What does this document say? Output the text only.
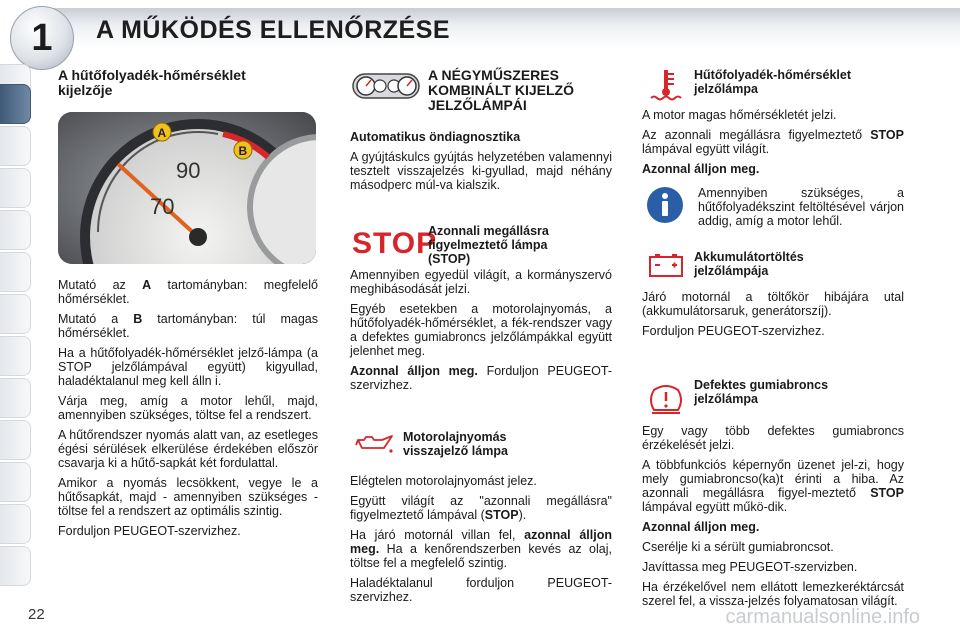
1	A MŰKÖDÉS ELLENŐRZÉSE
A hűtőfolyadék-hőmérséklet
kijelzője
90
70
A
B

Mutató az A tartományban: megfelelő hőmérséklet.

Mutató a B tartományban: túl magas hőmérséklet.

Ha a hűtőfolyadék-hőmérséklet jelző-lámpa (a STOP jelzőlámpával együtt) kigyullad, haladéktalanul meg kell álln i.

Várja meg, amíg a motor lehűl, majd, amennyiben szükséges, töltse fel a rendszert.

A hűtőrendszer nyomás alatt van, az esetleges égési sérülések elkerülése érdekében először csavarja ki a hűtő-sapkát két fordulattal.

Amikor a nyomás lecsökkent, vegye le a hűtősapkát, majd - amennyiben szükséges - töltse fel a rendszert az optimális szintig.

Forduljon PEUGEOT-szervizhez.

A NÉGYMŰSZERES
KOMBINÁLT KIJELZŐ
JELZŐLÁMPÁI
Automatikus öndiagnosztika

A gyújtáskulcs gyújtás helyzetében valamennyi tesztelt visszajelzés ki-gyullad, majd néhány másodperc múl-va kialszik.

STOP
Azonnali megállásra
figyelmeztető lámpa
(STOP)

Amennyiben egyedül világít, a kormányszervó meghibásodását jelzi.

Egyéb esetekben a motorolajnyomás, a hűtőfolyadék-hőmérséklet, a fék-rendszer vagy a defektes gumiabroncs jelzőlámpákkal együtt jelenhet meg.

Azonnal álljon meg. Forduljon PEUGEOT-szervizhez.

Motorolajnyomás
visszajelző lámpa

Elégtelen motorolajnyomást jelez.

Együtt világít az "azonnali megállásra" figyelmeztető lámpával (STOP).

Ha járó motornál villan fel, azonnal álljon meg. Ha a kenőrendszerben kevés az olaj, töltse fel a megfelelő szintig.

Haladéktalanul forduljon PEUGEOT-szervizhez.

Hűtőfolyadék-hőmérséklet
jelzőlámpa

A motor magas hőmérsékletét jelzi.

Az azonnali megállásra figyelmeztető STOP lámpával együtt világít.

Azonnal álljon meg.

Amennyiben szükséges, a hűtőfolyadékszint feltöltésével várjon addig, amíg a motor lehűl.

Akkumulátortöltés
jelzőlámpája

Járó motornál a töltőkör hibájára utal (akkumulátorsaruk, generátorszíj).

Forduljon PEUGEOT-szervizhez.

Defektes gumiabroncs
jelzőlámpa

Egy vagy több defektes gumiabroncs érzékelését jelzi.

A többfunkciós képernyőn üzenet jel-zi, hogy mely gumiabroncso(ka)t érinti a hiba. Az azonnali megállásra figyel-meztető STOP lámpával együtt műkö-dik.

Azonnal álljon meg.

Cserélje ki a sérült gumiabroncsot.

Javíttassa meg PEUGEOT-szervizben.

Ha érzékelővel nem ellátott lemezkeréktárcsát szerel fel, a vissza-jelzés folyamatosan világít.

22	carmanualsonline.info
